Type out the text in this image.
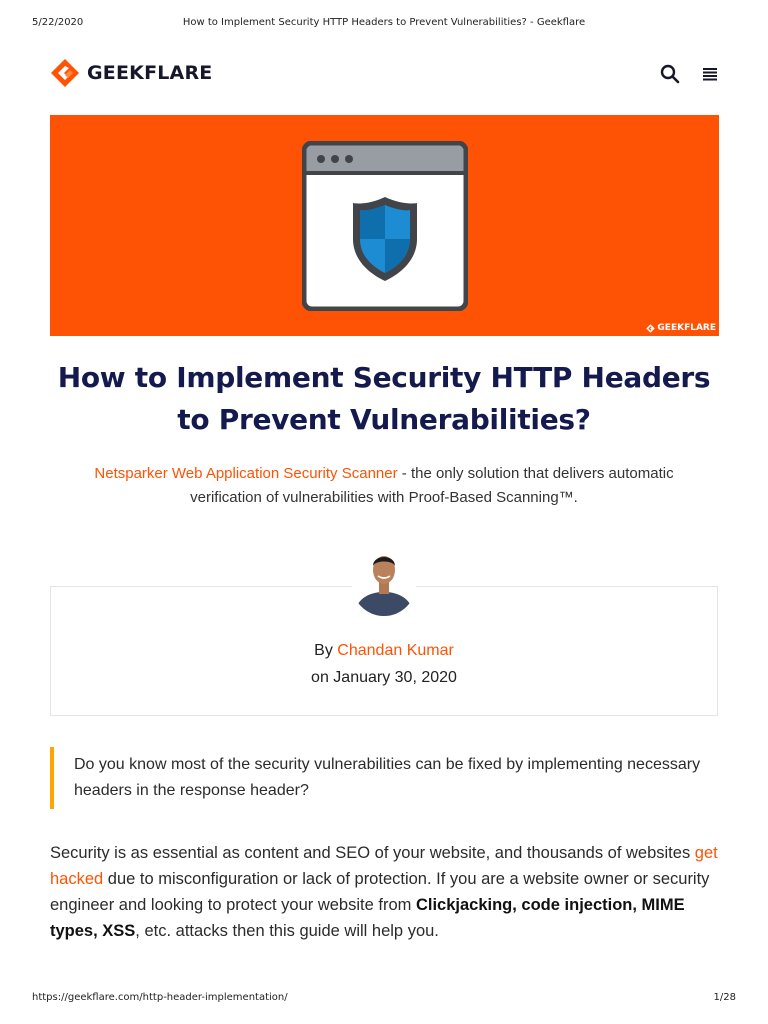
5/22/2020	How to Implement Security HTTP Headers to Prevent Vulnerabilities? - Geekflare
GEEKFLARE
GEEKFLARE
How to Implement Security HTTP Headers to Prevent Vulnerabilities?
Netsparker Web Application Security Scanner - the only solution that delivers automatic verification of vulnerabilities with Proof-Based Scanning™.
By Chandan Kumar
on January 30, 2020

Do you know most of the security vulnerabilities can be fixed by implementing necessary headers in the response header?

Security is as essential as content and SEO of your website, and thousands of websites get hacked due to misconfiguration or lack of protection. If you are a website owner or security engineer and looking to protect your website from Clickjacking, code injection, MIME types, XSS, etc. attacks then this guide will help you.

https://geekflare.com/http-header-implementation/	1/28
